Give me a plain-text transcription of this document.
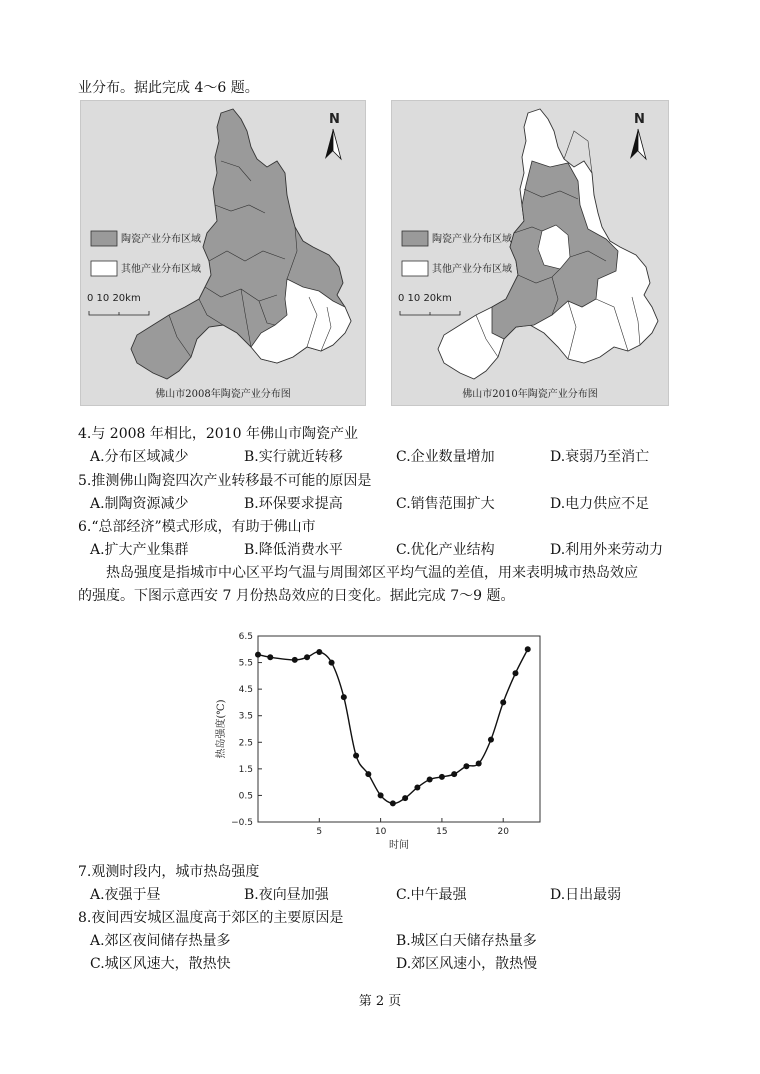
业分布。据此完成 4～6 题。
N
陶瓷产业分布区域
其他产业分布区域
0 10 20km
佛山市2008年陶瓷产业分布图
N
陶瓷产业分布区域
其他产业分布区域
0 10 20km
佛山市2010年陶瓷产业分布图
4.与 2008 年相比，2010 年佛山市陶瓷产业
A.分布区域减少	B.实行就近转移	C.企业数量增加	D.衰弱乃至消亡
5.推测佛山陶瓷四次产业转移最不可能的原因是
A.制陶资源减少	B.环保要求提高	C.销售范围扩大	D.电力供应不足
6.“总部经济”模式形成，有助于佛山市
A.扩大产业集群	B.降低消费水平	C.优化产业结构	D.利用外来劳动力
热岛强度是指城市中心区平均气温与周围郊区平均气温的差值，用来表明城市热岛效应
的强度。下图示意西安 7 月份热岛效应的日变化。据此完成 7～9 题。
6.5
5.5
4.5
3.5
2.5
1.5
0.5
−0.5
5	10	15	20
时间
热岛强度(℃)
7.观测时段内，城市热岛强度
A.夜强于昼	B.夜向昼加强	C.中午最强	D.日出最弱
8.夜间西安城区温度高于郊区的主要原因是
A.郊区夜间储存热量多	B.城区白天储存热量多
C.城区风速大，散热快	D.郊区风速小，散热慢
第 2 页
